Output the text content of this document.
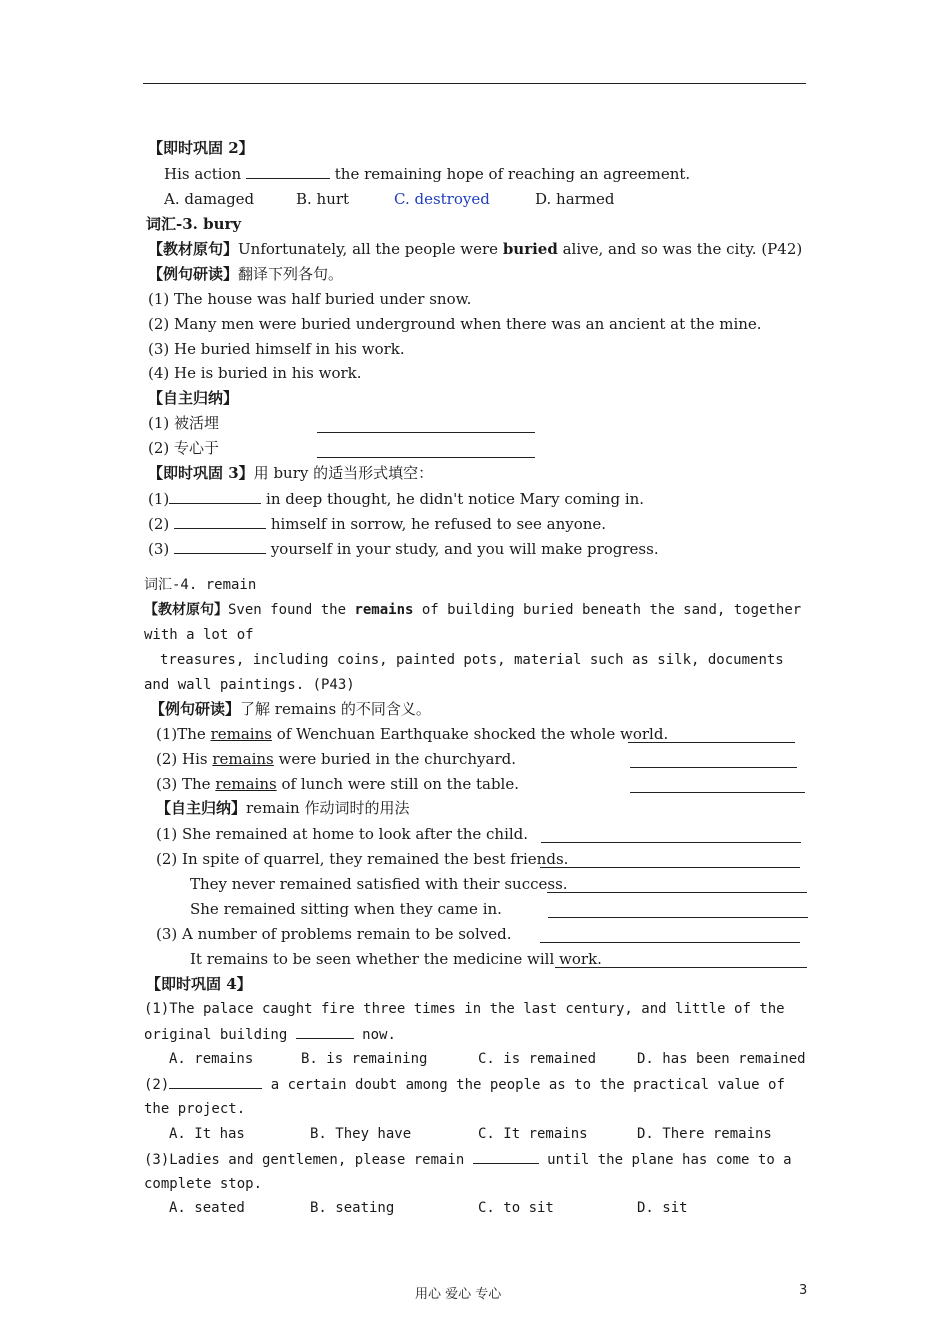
【即时巩固 2】
His action	the remaining hope of reaching an agreement.
A. damaged	B. hurt	C. destroyed	D. harmed
词汇-3. bury
【教材原句】Unfortunately, all the people were buried alive, and so was the city. (P42)
【例句研读】翻译下列各句。
(1) The house was half buried under snow.
(2) Many men were buried underground when there was an ancient at the mine.
(3) He buried himself in his work.
(4) He is buried in his work.
【自主归纳】
(1) 被活埋
(2) 专心于
【即时巩固 3】用 bury 的适当形式填空：
(1)	in deep thought, he didn't notice Mary coming in.
(2)	himself in sorrow, he refused to see anyone.
(3)	yourself in your study, and you will make progress.
词汇-4. remain
【教材原句】Sven found the remains of building buried beneath the sand, together
with a lot of
treasures, including coins, painted pots, material such as silk, documents
and wall paintings. (P43)
【例句研读】了解 remains 的不同含义。
(1)The remains of Wenchuan Earthquake shocked the whole world.
(2) His remains were buried in the churchyard.
(3) The remains of lunch were still on the table.
【自主归纳】remain 作动词时的用法
(1) She remained at home to look after the child.
(2) In spite of quarrel, they remained the best friends.
They never remained satisfied with their success.
She remained sitting when they came in.
(3) A number of problems remain to be solved.
It remains to be seen whether the medicine will work.
【即时巩固 4】
(1)The palace caught fire three times in the last century, and little of the
original building	now.
A. remains	B. is remaining	C. is remained	D. has been remained
(2)	a certain doubt among the people as to the practical value of
the project.
A. It has	B. They have	C. It remains	D. There remains
(3)Ladies and gentlemen, please remain	until the plane has come to a
complete stop.
A. seated	B. seating	C. to sit	D. sit
用心 爱心 专心	3
